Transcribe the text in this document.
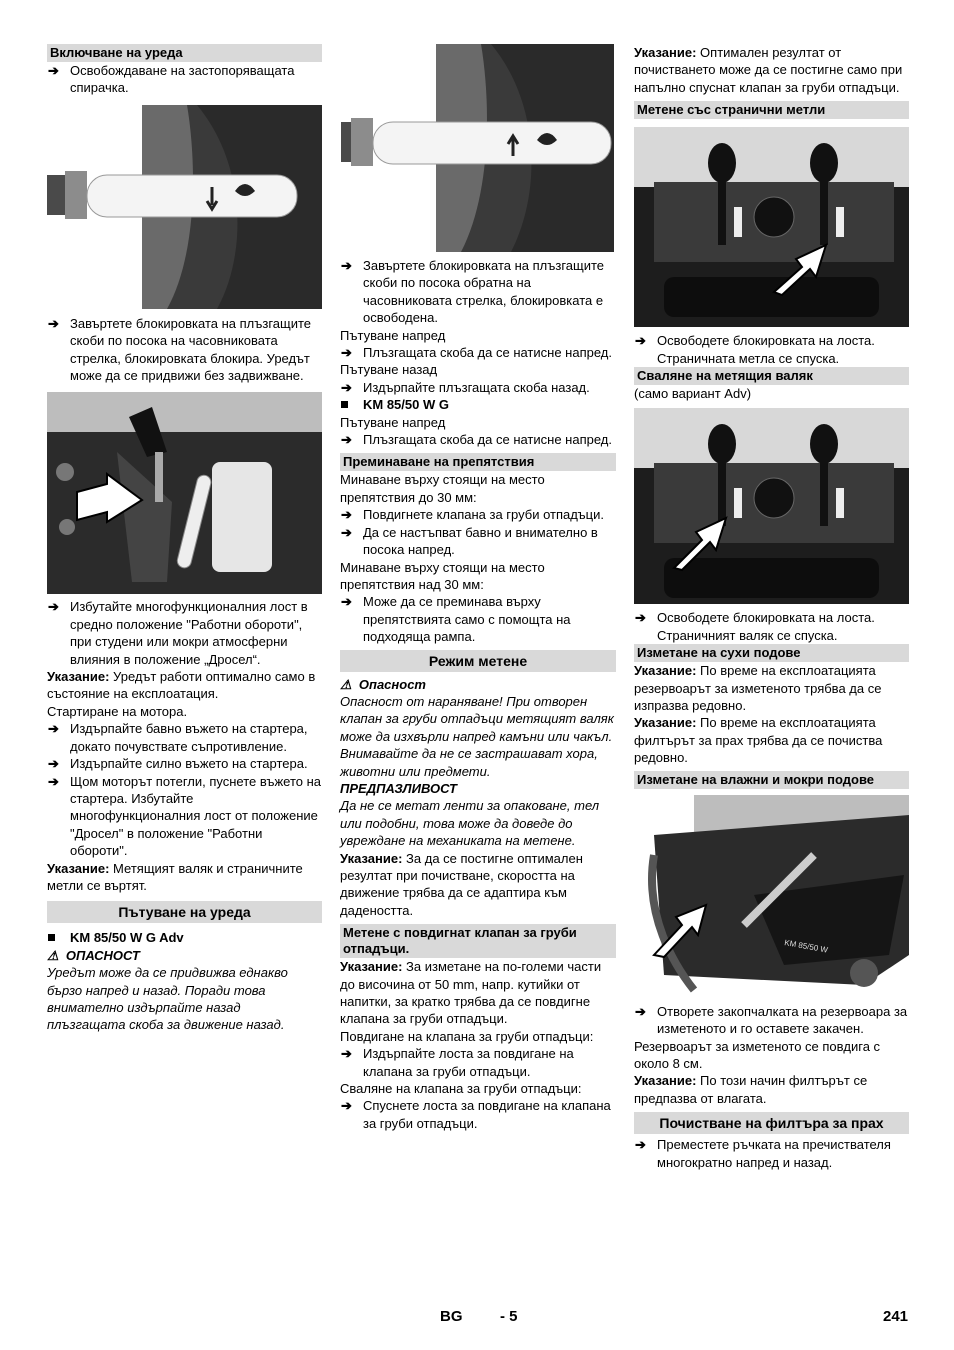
Включване на уреда

➔ Освобождаване на застопоряващата спирачка.

➔ Завъртете блокировката на плъзгащите скоби по посока на часовниковата стрелка, блокировката блокира. Уредът може да се придвижи без задвижване.

➔ Избутайте многофункционалния лост в средно положение "Работни обороти", при студени или мокри атмосферни влияния в положение „Дросел“.

Указание: Уредът работи оптимално само в състояние на експлоатация.

Стартиране на мотора.

➔ Издърпайте бавно въжето на стартера, докато почувствате съпротивление.

➔ Издърпайте силно въжето на стартера.

➔ Щом моторът потегли, пуснете въжето на стартера. Избутайте многофункционалния лост от положение "Дросел" в положение "Работни обороти".

Указание: Метящият валяк и страничните метли се въртят.

Пътуване на уреда

KM 85/50 W G Adv

⚠ ОПАСНОСТ

Уредът може да се придвижва еднакво бързо напред и назад. Поради това внимателно издърпайте назад плъзгащата скоба за движение назад.

➔ Завъртете блокировката на плъзгащите скоби по посока обратна на часовниковата стрелка, блокировката е освободена.

Пътуване напред

➔ Плъзгащата скоба да се натисне напред.

Пътуване назад

➔ Издърпайте плъзгащата скоба назад.

KM 85/50 W G

Пътуване напред

➔ Плъзгащата скоба да се натисне напред.

Преминаване на препятствия

Минаване върху стоящи на место препятствия до 30 мм:

➔ Повдигнете клапана за груби отпадъци.

➔ Да се настъпват бавно и внимателно в посока напред.

Минаване върху стоящи на место препятствия над 30 мм:

➔ Може да се преминава върху препятствията само с помощта на подходяща рампа.

Режим метене

⚠ Опасност

Опасност от нараняване! При отворен клапан за груби отпадъци метящият валяк може да изхвърли напред камъни или чакъл. Внимавайте да не се застрашават хора, животни или предмети.

ПРЕДПАЗЛИВОСТ

Да не се метат ленти за опаковане, тел или подобни, това може да доведе до увреждане на механиката на метене.

Указание: За да се постигне оптимален резултат при почистване, скоростта на движение трябва да се адаптира към дадеността.

Метене с повдигнат клапан за груби отпадъци.

Указание: За изметане на по-големи части до височина от 50 mm, напр. кутийки от напитки, за кратко трябва да се повдигне клапана за груби отпадъци.

Повдигане на клапана за груби отпадъци:

➔ Издърпайте лоста за повдигане на клапана за груби отпадъци.

Сваляне на клапана за груби отпадъци:

➔ Спуснете лоста за повдигане на клапана за груби отпадъци.

Указание: Оптимален резултат от почистването може да се постигне само при напълно спуснат клапан за груби отпадъци.

Метене със странични метли

➔ Освободете блокировката на лоста. Страничната метла се спуска.

Сваляне на метящия валяк

(само вариант Adv)

➔ Освободете блокировката на лоста. Страничният валяк се спуска.

Изметане на сухи подове

Указание: По време на експлоатацията резервоарът за изметеното трябва да се изпразва редовно.

Указание: По време на експлоатацията филтърът за прах трябва да се почиства редовно.

Изметане на влажни и мокри подове
KM 85/50 W

➔ Отворете закопчалката на резервоара за изметеното и го оставете закачен.

Резервоарът за изметеното се повдига с около 8 см.

Указание: По този начин филтърът се предпазва от влагата.

Почистване на филтъра за прах

➔ Преместете ръчката на пречиствателя многократно напред и назад.

BG	- 5	241
